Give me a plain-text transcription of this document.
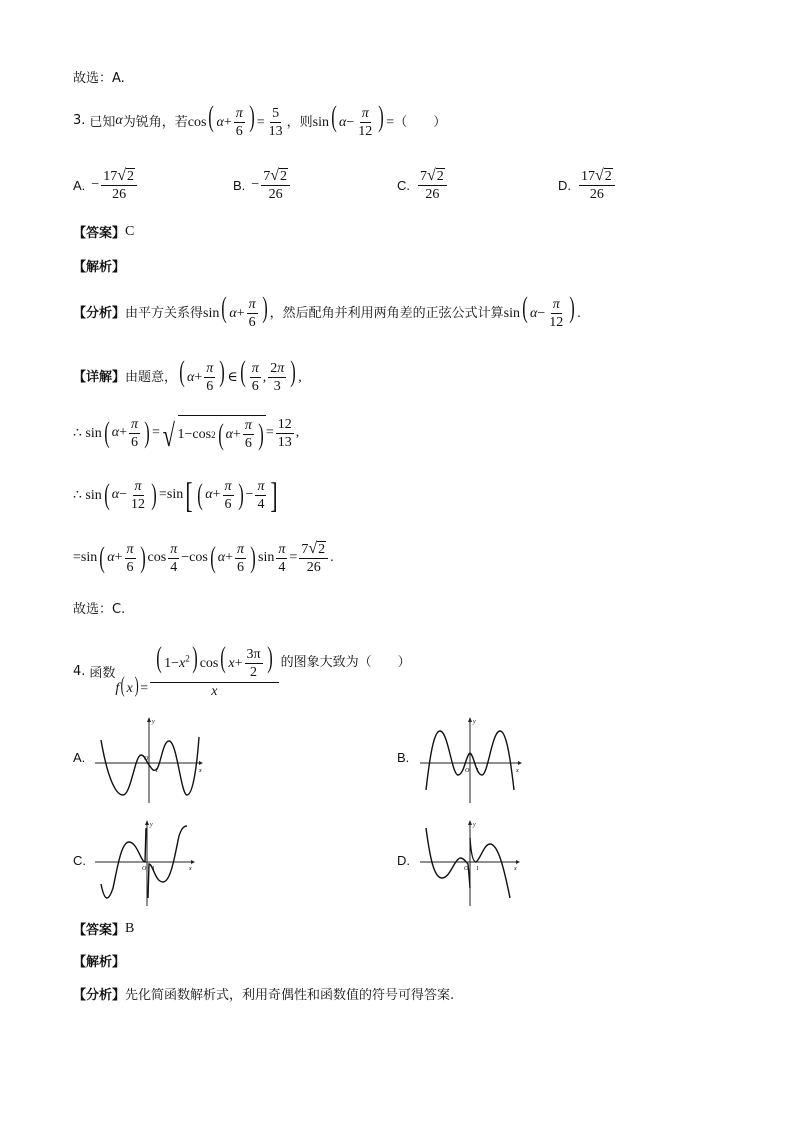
故选：A.
3. 已知 α 为锐角，若 cos( $\alpha+ \frac{\pi}{6}$ ) = $\frac{5}{13}$ ，则 sin( $\alpha- \frac{\pi}{12}$ ) = （　　）
A. − $\frac{17 √ 2}{26}$	B. − $\frac{7 √ 2}{26}$	C. $\frac{7 √ 2}{26}$	D. $\frac{17 √ 2}{26}$
【答案】 C
【解析】
【分析】 由平方关系得 sin( $\alpha+ \frac{\pi}{6}$ ) ，然后配角并利用两角差的正弦公式计算 sin( $\alpha- \frac{\pi}{12}$ ) .
【详解】 由题意， ( $\alpha+ \frac{\pi}{6}$ ) ∈( $\frac{\pi}{6}$ , $\frac{2\pi}{3}$ ) ,
∴ sin ( $\alpha + \frac{\pi}{6}$ ) = √ 1−cos 2 ( $\alpha + \frac{\pi}{6}$ ) = $\frac{12}{13}$ ,
∴ sin ( $\alpha - \frac{\pi}{12}$ ) =sin [ ( $\alpha + \frac{\pi}{6}$ ) − $\frac{\pi}{4}$ ]
=sin ( $\alpha + \frac{\pi}{6}$ ) $\cos \frac{\pi}{4} -\cos$ ( $\alpha + \frac{\pi}{6}$ ) $\sin \frac{\pi}{4} = \frac{7 √ 2}{26}$ .
故选：C.
4. 函数
f( $x) = \frac{( 1-x^2) \cos( x+ \frac{3\pi}{2} )}{x}$ 的图象大致为（　　）
A.	B.
C.	D.
y
x
O
1
y
x
O 1
y
x
O 1
y
x
O 1
【答案】 B
【解析】
【分析】 先化简函数解析式，利用奇偶性和函数值的符号可得答案.
